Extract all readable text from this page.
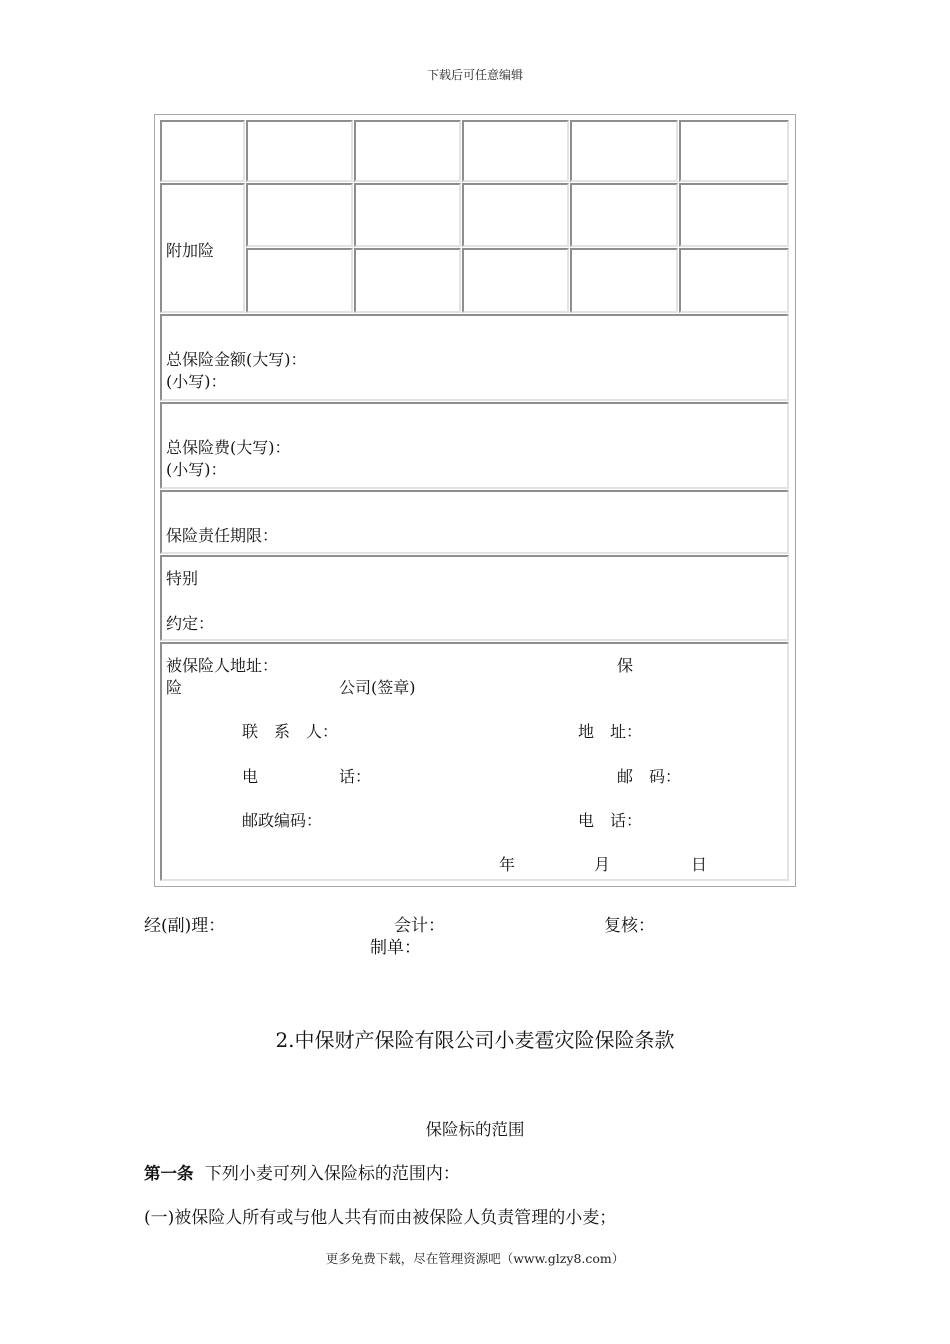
下载后可任意编辑
附加险
总保险金额(大写)：
(小写)：
总保险费(大写)：
(小写)：
保险责任期限：
特别
约定：
被保险人地址：	保
险	公司(签章)
联　系　人：	地　址：
电	话：	邮　码：
邮政编码：	电　话：
年	月	日
经(副)理：	会计：	复核：
制单：
2.中保财产保险有限公司小麦雹灾险保险条款
保险标的范围
第一条 下列小麦可列入保险标的范围内：
(一)被保险人所有或与他人共有而由被保险人负责管理的小麦；
更多免费下载，尽在管理资源吧（www.glzy8.com）
